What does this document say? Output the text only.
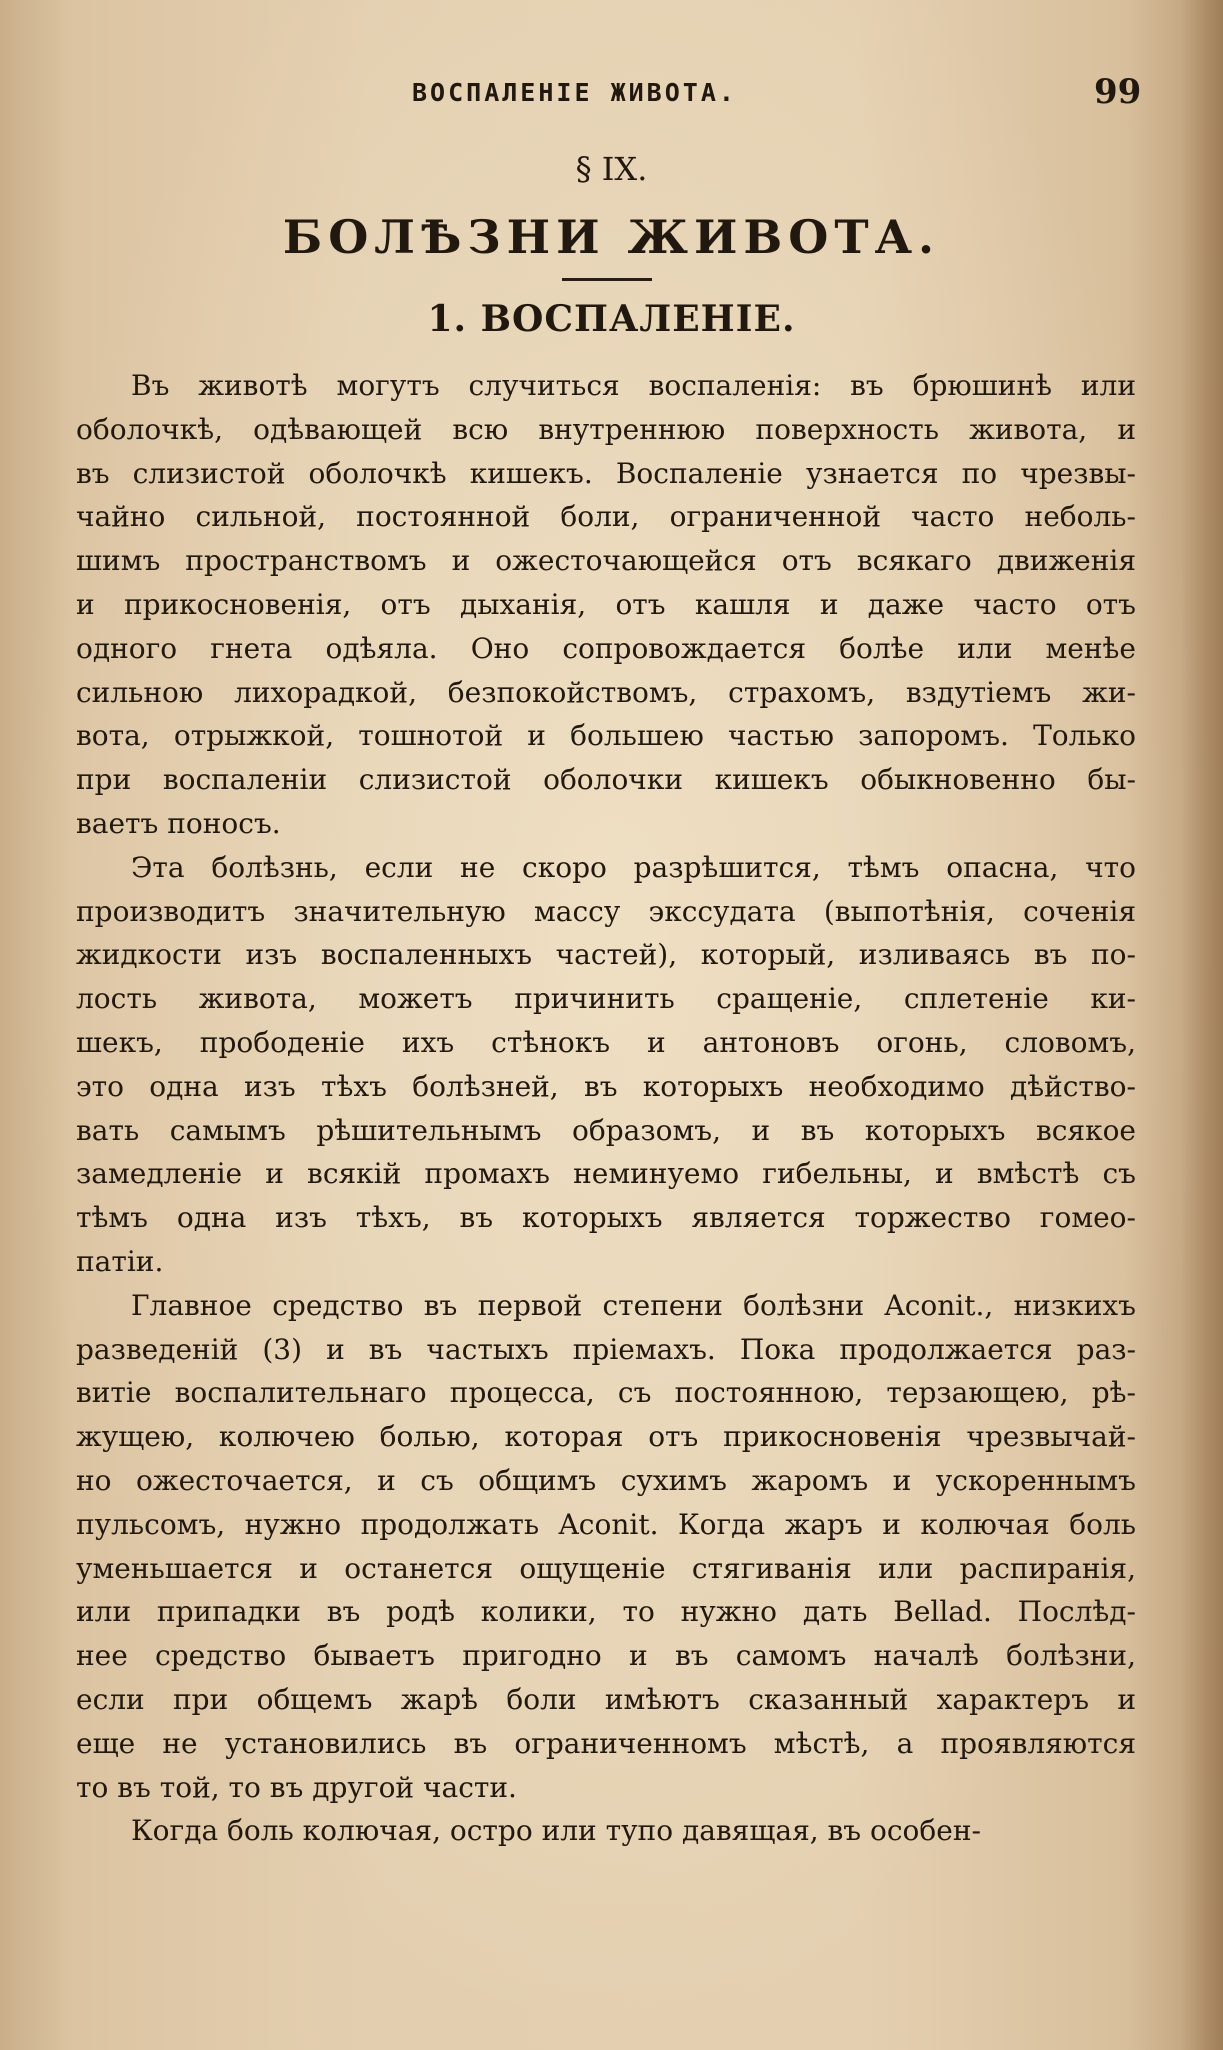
ВОСПАЛЕНІЕ ЖИВОТА.	99
§ IX.
БОЛѢЗНИ ЖИВОТА.
1. ВОСПАЛЕНІЕ.
Въ животѣ могутъ случиться воспаленія: въ брюшинѣ или
оболочкѣ, одѣвающей всю внутреннюю поверхность живота, и
въ слизистой оболочкѣ кишекъ. Воспаленіе узнается по чрезвы-
чайно сильной, постоянной боли, ограниченной часто неболь-
шимъ пространствомъ и ожесточающейся отъ всякаго движенія
и прикосновенія, отъ дыханія, отъ кашля и даже часто отъ
одного гнета одѣяла. Оно сопровождается болѣе или менѣе
сильною лихорадкой, безпокойствомъ, страхомъ, вздутіемъ жи-
вота, отрыжкой, тошнотой и большею частью запоромъ. Только
при воспаленіи слизистой оболочки кишекъ обыкновенно бы-
ваетъ поносъ.
Эта болѣзнь, если не скоро разрѣшится, тѣмъ опасна, что
производитъ значительную массу экссудата (выпотѣнія, соченія
жидкости изъ воспаленныхъ частей), который, изливаясь въ по-
лость живота, можетъ причинить сращеніе, сплетеніе ки-
шекъ, прободеніе ихъ стѣнокъ и антоновъ огонь, словомъ,
это одна изъ тѣхъ болѣзней, въ которыхъ необходимо дѣйство-
вать самымъ рѣшительнымъ образомъ, и въ которыхъ всякое
замедленіе и всякій промахъ неминуемо гибельны, и вмѣстѣ съ
тѣмъ одна изъ тѣхъ, въ которыхъ является торжество гомео-
патіи.
Главное средство въ первой степени болѣзни Aconit., низкихъ
разведеній (3) и въ частыхъ пріемахъ. Пока продолжается раз-
витіе воспалительнаго процесса, съ постоянною, терзающею, рѣ-
жущею, колючею болью, которая отъ прикосновенія чрезвычай-
но ожесточается, и съ общимъ сухимъ жаромъ и ускореннымъ
пульсомъ, нужно продолжать Aconit. Когда жаръ и колючая боль
уменьшается и останется ощущеніе стягиванія или распиранія,
или припадки въ родѣ колики, то нужно дать Bellad. Послѣд-
нее средство бываетъ пригодно и въ самомъ началѣ болѣзни,
если при общемъ жарѣ боли имѣютъ сказанный характеръ и
еще не установились въ ограниченномъ мѣстѣ, а проявляются
то въ той, то въ другой части.
Когда боль колючая, остро или тупо давящая, въ особен-
